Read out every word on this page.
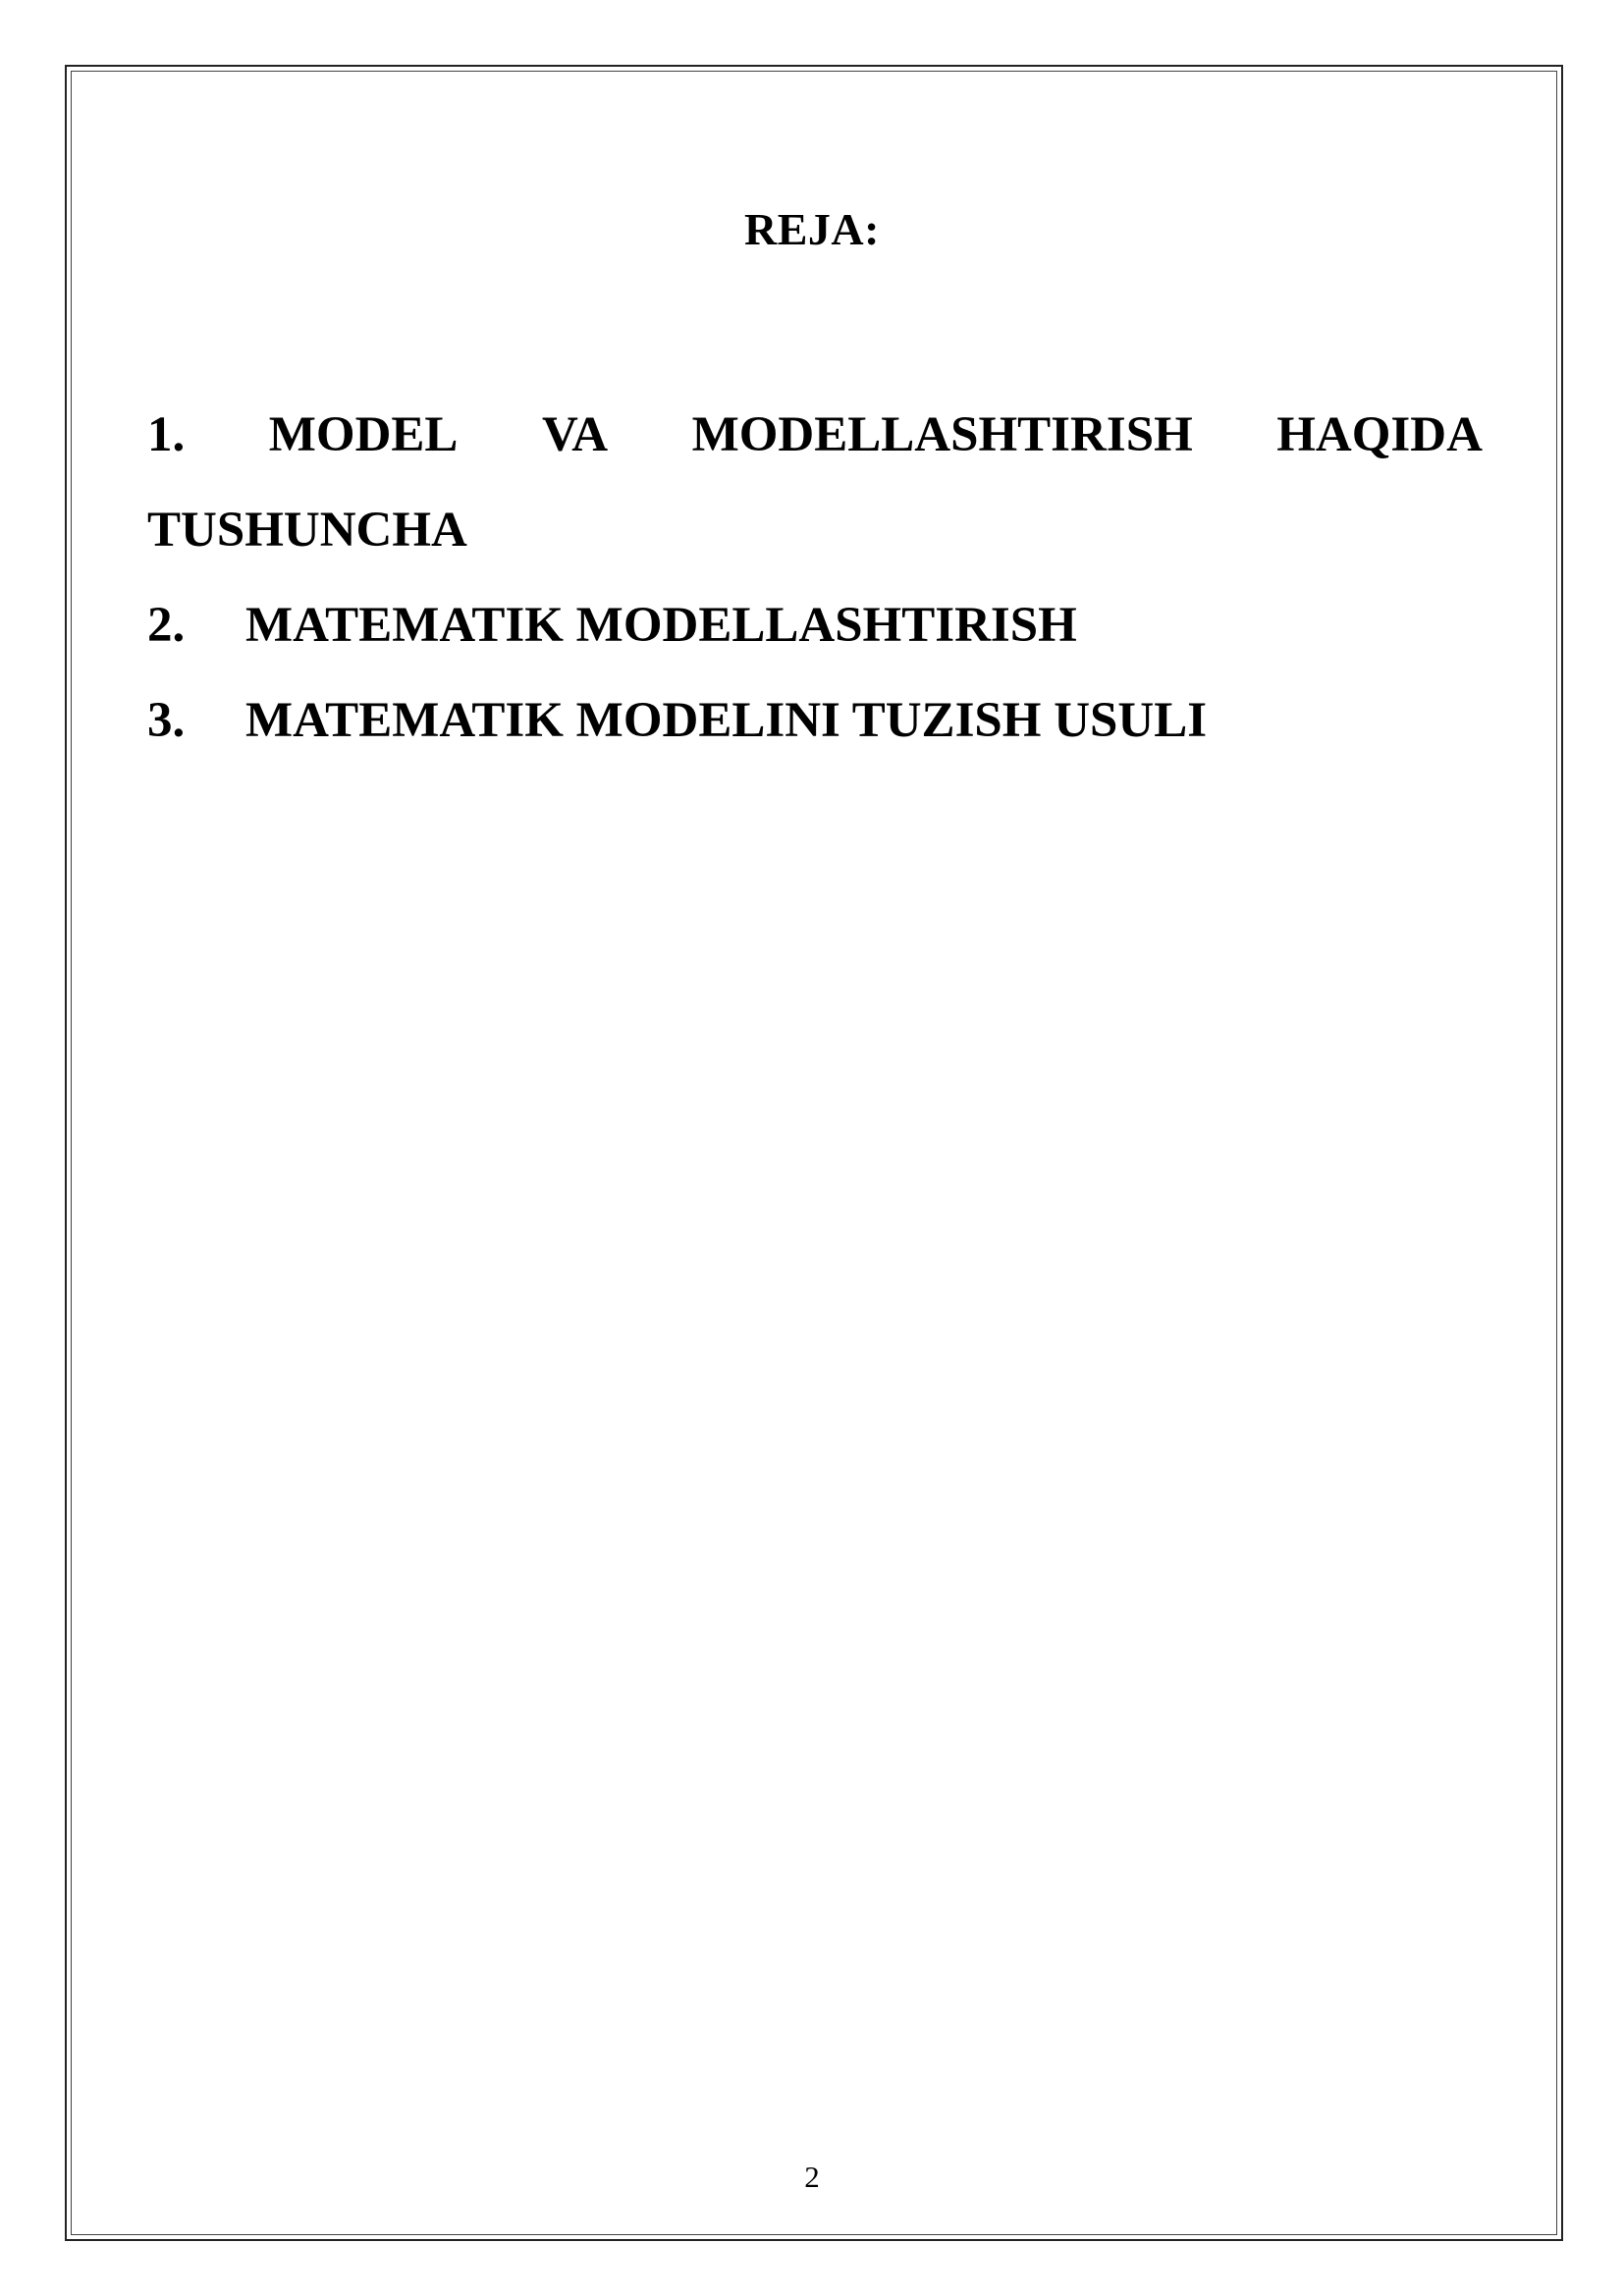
REJA:
1. MODEL VA MODELLASHTIRISH HAQIDA
TUSHUNCHA
2.	MATEMATIK MODELLASHTIRISH
3.	MATEMATIK MODELINI TUZISH USULI
2
